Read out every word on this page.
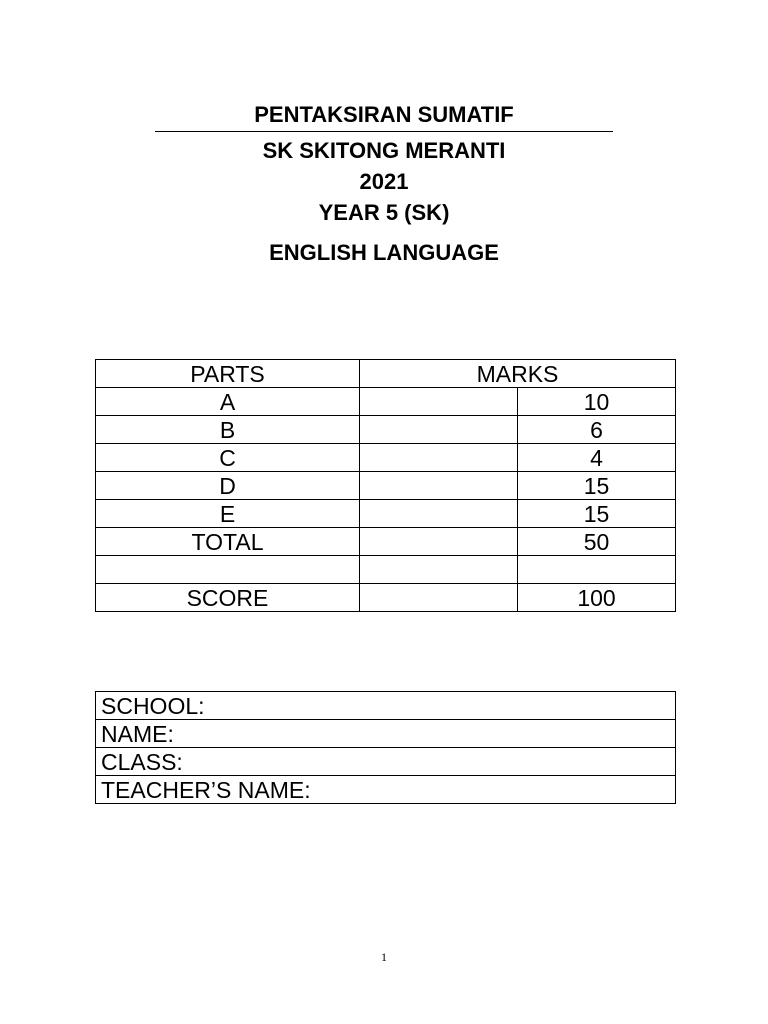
PENTAKSIRAN SUMATIF
SK SKITONG MERANTI
2021
YEAR 5 (SK)
ENGLISH LANGUAGE
PARTS	MARKS	
A		10
B		6
C		4
D		15
E		15
TOTAL		50

SCORE		100
SCHOOL:
NAME:
CLASS:
TEACHER’S NAME:
1
